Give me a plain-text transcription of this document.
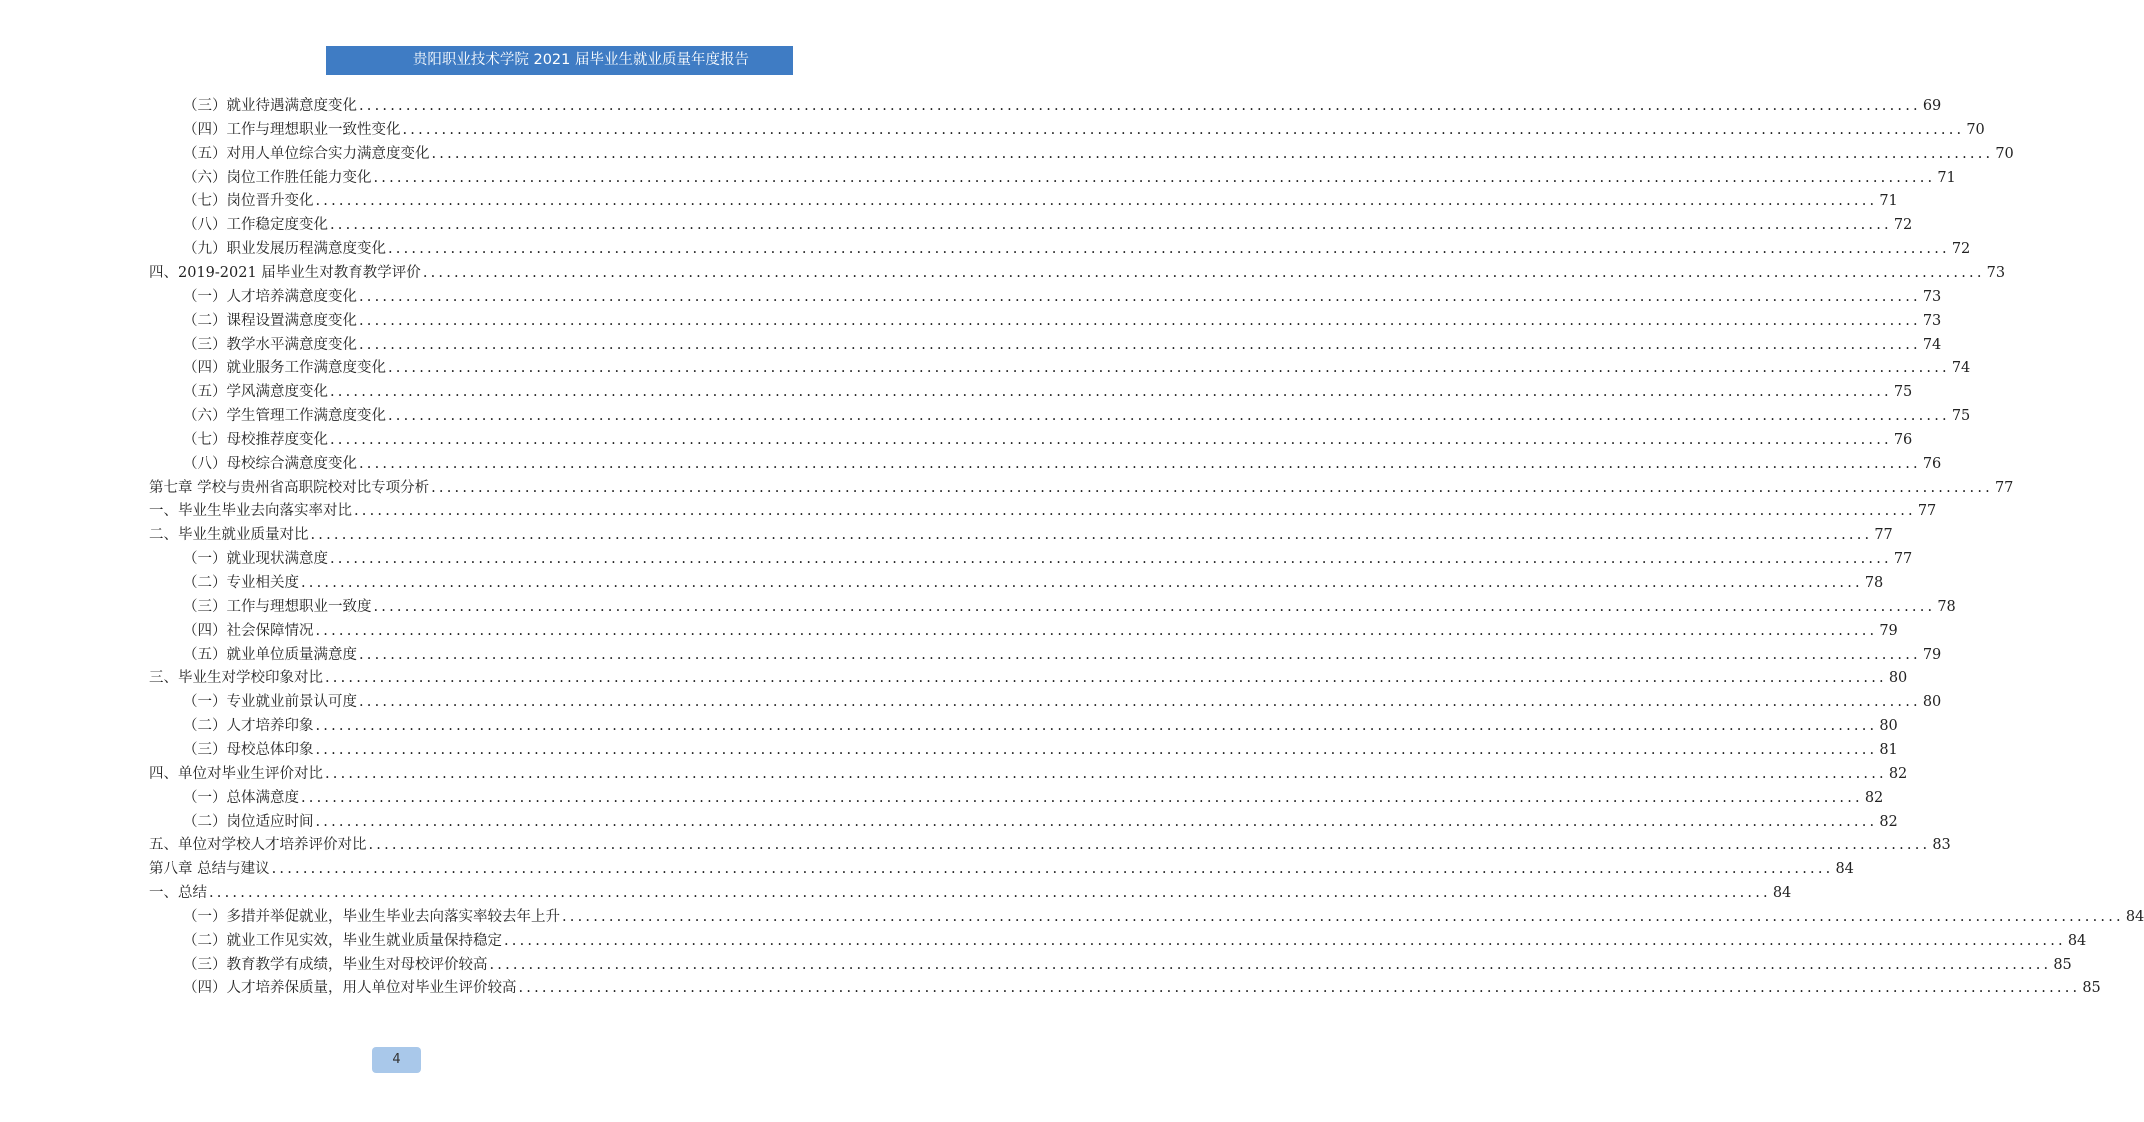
贵阳职业技术学院 2021 届毕业生就业质量年度报告
（三）就业待遇满意度变化 ........................................................................................................................................................................................................ 69
（四）工作与理想职业一致性变化 ........................................................................................................................................................................................................ 70
（五）对用人单位综合实力满意度变化 ........................................................................................................................................................................................................ 70
（六）岗位工作胜任能力变化 ........................................................................................................................................................................................................ 71
（七）岗位晋升变化 ........................................................................................................................................................................................................ 71
（八）工作稳定度变化 ........................................................................................................................................................................................................ 72
（九）职业发展历程满意度变化 ........................................................................................................................................................................................................ 72
四、2019-2021 届毕业生对教育教学评价 ........................................................................................................................................................................................................ 73
（一）人才培养满意度变化 ........................................................................................................................................................................................................ 73
（二）课程设置满意度变化 ........................................................................................................................................................................................................ 73
（三）教学水平满意度变化 ........................................................................................................................................................................................................ 74
（四）就业服务工作满意度变化 ........................................................................................................................................................................................................ 74
（五）学风满意度变化 ........................................................................................................................................................................................................ 75
（六）学生管理工作满意度变化 ........................................................................................................................................................................................................ 75
（七）母校推荐度变化 ........................................................................................................................................................................................................ 76
（八）母校综合满意度变化 ........................................................................................................................................................................................................ 76
第七章 学校与贵州省高职院校对比专项分析 ........................................................................................................................................................................................................ 77
一、毕业生毕业去向落实率对比 ........................................................................................................................................................................................................ 77
二、毕业生就业质量对比 ........................................................................................................................................................................................................ 77
（一）就业现状满意度 ........................................................................................................................................................................................................ 77
（二）专业相关度 ........................................................................................................................................................................................................ 78
（三）工作与理想职业一致度 ........................................................................................................................................................................................................ 78
（四）社会保障情况 ........................................................................................................................................................................................................ 79
（五）就业单位质量满意度 ........................................................................................................................................................................................................ 79
三、毕业生对学校印象对比 ........................................................................................................................................................................................................ 80
（一）专业就业前景认可度 ........................................................................................................................................................................................................ 80
（二）人才培养印象 ........................................................................................................................................................................................................ 80
（三）母校总体印象 ........................................................................................................................................................................................................ 81
四、单位对毕业生评价对比 ........................................................................................................................................................................................................ 82
（一）总体满意度 ........................................................................................................................................................................................................ 82
（二）岗位适应时间 ........................................................................................................................................................................................................ 82
五、单位对学校人才培养评价对比 ........................................................................................................................................................................................................ 83
第八章 总结与建议 ........................................................................................................................................................................................................ 84
一、总结 ........................................................................................................................................................................................................ 84
（一）多措并举促就业，毕业生毕业去向落实率较去年上升 ........................................................................................................................................................................................................ 84
（二）就业工作见实效，毕业生就业质量保持稳定 ........................................................................................................................................................................................................ 84
（三）教育教学有成绩，毕业生对母校评价较高 ........................................................................................................................................................................................................ 85
（四）人才培养保质量，用人单位对毕业生评价较高 ........................................................................................................................................................................................................ 85
4
